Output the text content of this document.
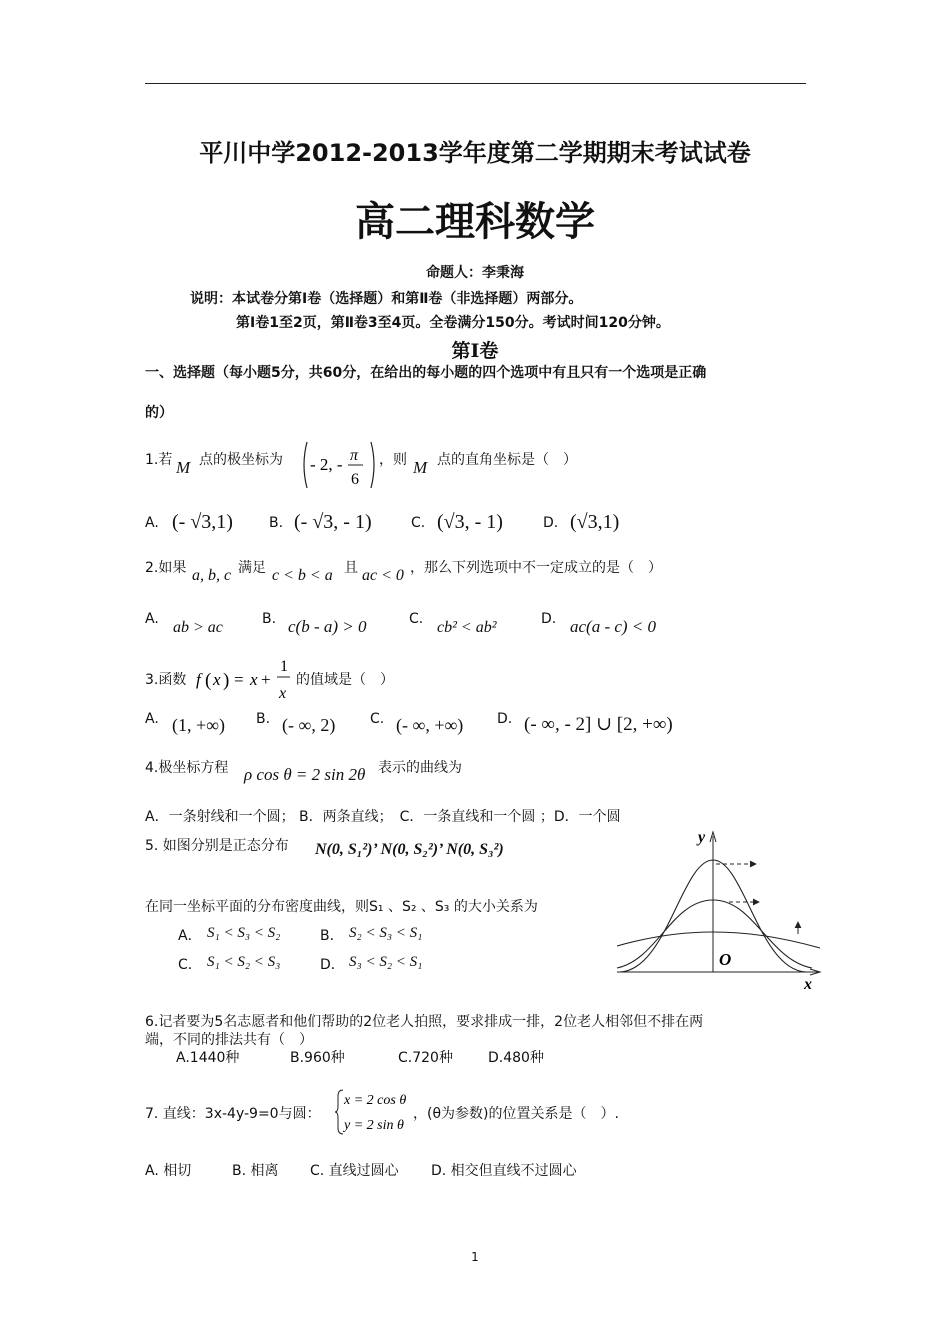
平川中学2012-2013学年度第二学期期末考试试卷
高二理科数学
命题人：李秉海
说明：本试卷分第Ⅰ卷（选择题）和第Ⅱ卷（非选择题）两部分。
第Ⅰ卷1至2页，第Ⅱ卷3至4页。全卷满分150分。考试时间120分钟。
第Ⅰ卷
一、选择题（每小题5分，共60分，在给出的每小题的四个选项中有且只有一个选项是正确
的）
1.若 M 点的极坐标为 - 2, - π
6
，则 M 点的直角坐标是（　）
A. (- √3,1)	B. (- √3, - 1)	C. (√3, - 1)	D. (√3,1)
2.如果 a, b, c 满足 c < b < a 且 ac < 0 ，那么下列选项中不一定成立的是（　）
A. ab > ac	B. c(b - a) > 0	C. cb² < ab²	D. ac(a - c) < 0
3.函数 f ( x ) = x +
1
x
的值域是（　）
A. (1, +∞) B. (- ∞, 2) C. (- ∞, +∞) D. (- ∞, - 2] ∪ [2, +∞)
4.极坐标方程 ρ cos θ = 2 sin 2θ 表示的曲线为
A．一条射线和一个圆； B．两条直线；　C．一条直线和一个圆 ；D．一个圆
5. 如图分别是正态分布 N(0, S₁²)’ N(0, S₂²)’ N(0, S₃²)
在同一坐标平面的分布密度曲线，则S₁ 、S₂ 、S₃ 的大小关系为
A． S₁ < S₃ < S₂	B． S₂ < S₃ < S₁
C． S₁ < S₂ < S₃	D． S₃ < S₂ < S₁
y
x
O
6.记者要为5名志愿者和他们帮助的2位老人拍照，要求排成一排，2位老人相邻但不排在两
端，不同的排法共有（　）
A.1440种	B.960种	C.720种	D.480种
7. 直线：3x-4y-9=0与圆：
x = 2 cos θ
y = 2 sin θ
，(θ为参数)的位置关系是（　）.
A. 相切	B. 相离 C. 直线过圆心 D. 相交但直线不过圆心
1
